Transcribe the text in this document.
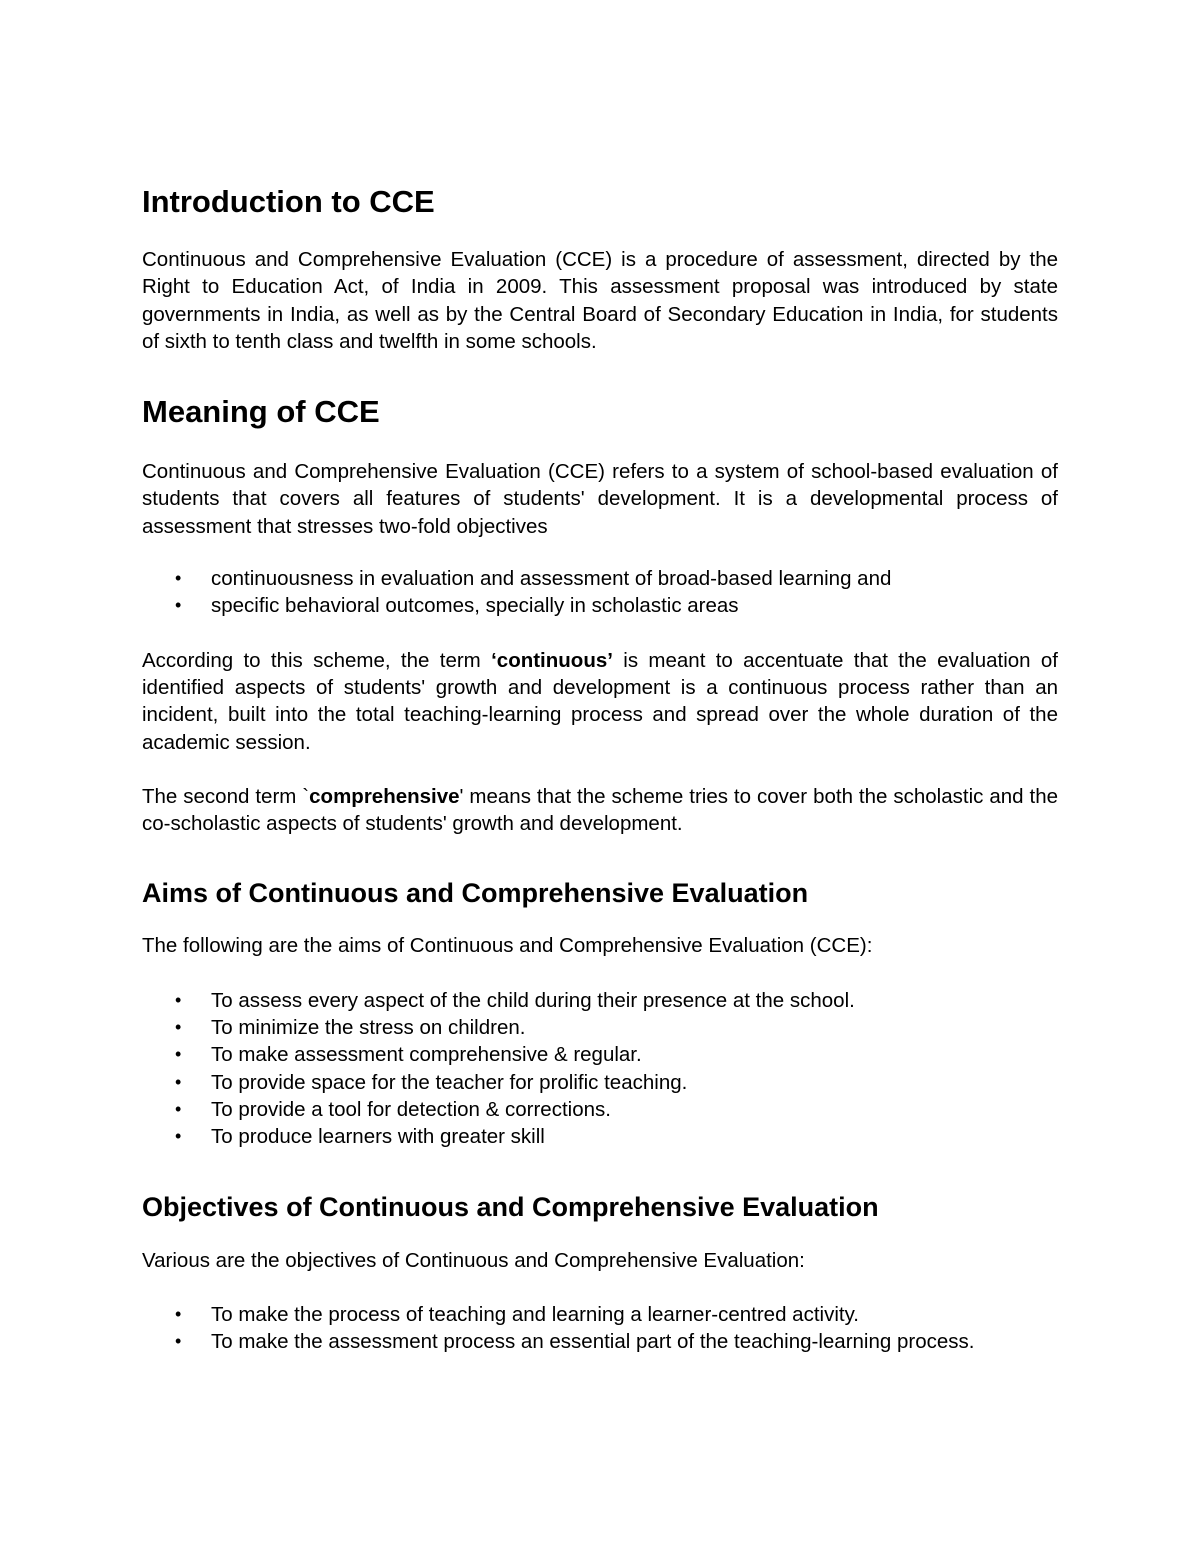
Introduction to CCE

Continuous and Comprehensive Evaluation (CCE) is a procedure of assessment, directed by the Right to Education Act, of India in 2009. This assessment proposal was introduced by state governments in India, as well as by the Central Board of Secondary Education in India, for students of sixth to tenth class and twelfth in some schools.

Meaning of CCE

Continuous and Comprehensive Evaluation (CCE) refers to a system of school-based evaluation of students that covers all features of students' development. It is a developmental process of assessment that stresses two-fold objectives

• continuousness in evaluation and assessment of broad-based learning and
• specific behavioral outcomes, specially in scholastic areas

According to this scheme, the term ‘continuous’ is meant to accentuate that the evaluation of identified aspects of students' growth and development is a continuous process rather than an incident, built into the total teaching-learning process and spread over the whole duration of the academic session.

The second term `comprehensive' means that the scheme tries to cover both the scholastic and the co-scholastic aspects of students' growth and development.

Aims of Continuous and Comprehensive Evaluation

The following are the aims of Continuous and Comprehensive Evaluation (CCE):

• To assess every aspect of the child during their presence at the school.
• To minimize the stress on children.
• To make assessment comprehensive & regular.
• To provide space for the teacher for prolific teaching.
• To provide a tool for detection & corrections.
• To produce learners with greater skill
Objectives of Continuous and Comprehensive Evaluation

Various are the objectives of Continuous and Comprehensive Evaluation:

• To make the process of teaching and learning a learner-centred activity.
• To make the assessment process an essential part of the teaching-learning process.
